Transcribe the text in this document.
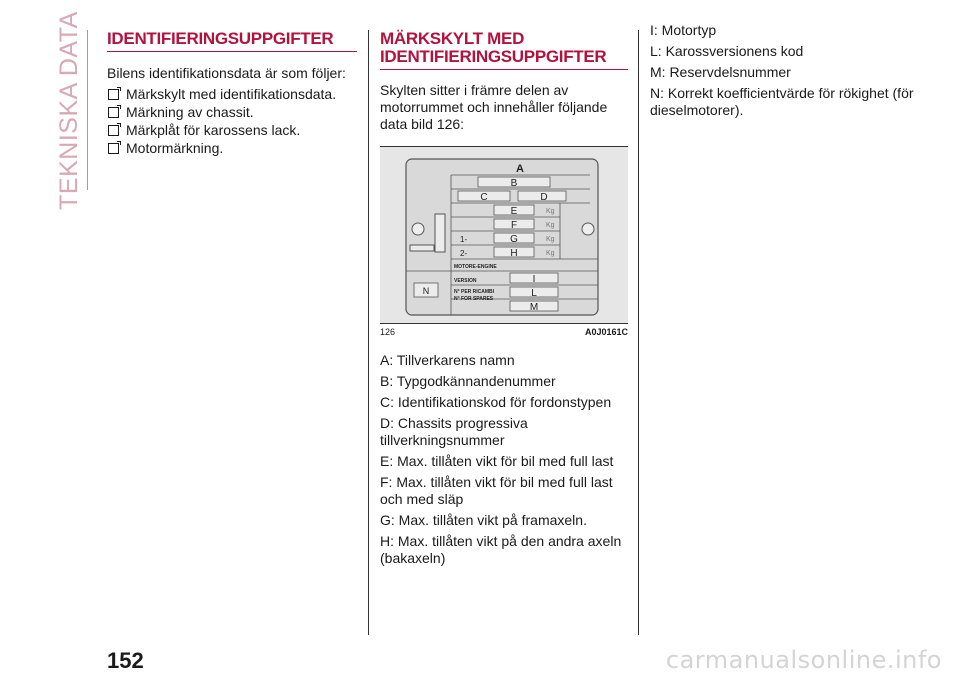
TEKNISKA DATA IDENTIFIERINGSUPPGIFTER

Bilens identifikationsdata är som följer:

Märkskylt med identifikationsdata.
Märkning av chassit.
Märkplåt för karossens lack.
Motormärkning.
MÄRKSKYLT MED
IDENTIFIERINGSUPPGIFTER

Skylten sitter i främre delen av motorrummet och innehåller följande data bild 126:

A
B
C	D
E
F
G
H
I
L
M
N
Kg
Kg
Kg
Kg
1-
2-
MOTORE-ENGINE
VERSION
N° PER RICAMBI
N° FOR SPARES
126	A0J0161C

A: Tillverkarens namn

B: Typgodkännandenummer

C: Identifikationskod för fordonstypen

D: Chassits progressiva tillverkningsnummer

E: Max. tillåten vikt för bil med full last

F: Max. tillåten vikt för bil med full last och med släp

G: Max. tillåten vikt på framaxeln.

H: Max. tillåten vikt på den andra axeln (bakaxeln)

I: Motortyp

L: Karossversionens kod

M: Reservdelsnummer

N: Korrekt koefficientvärde för rökighet (för dieselmotorer).

152	carmanualsonline.info
